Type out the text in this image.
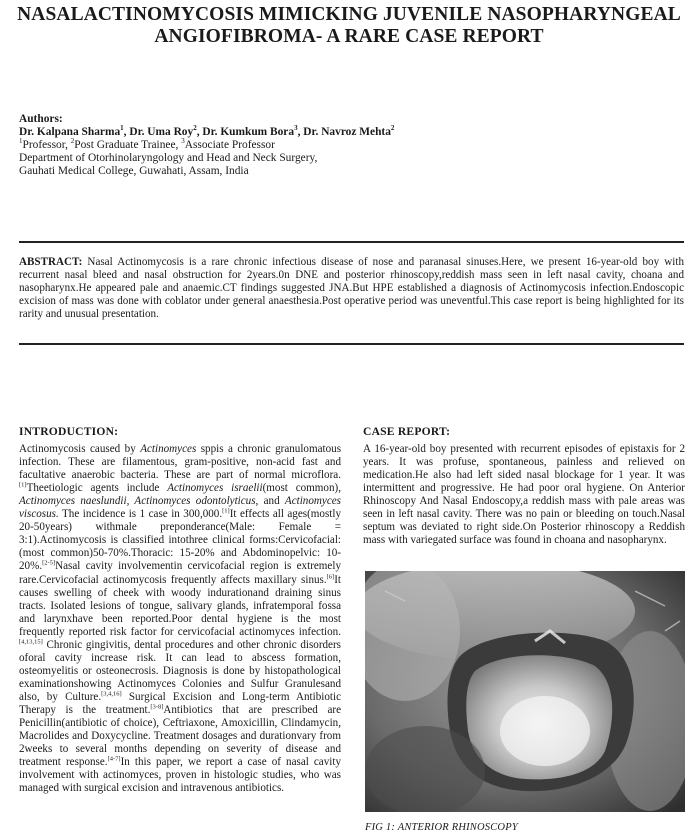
NASALACTINOMYCOSIS MIMICKING JUVENILE NASOPHARYNGEAL
ANGIOFIBROMA- A RARE CASE REPORT
Authors:
Dr. Kalpana Sharma$^1$, Dr. Uma Roy$^2$, Dr. Kumkum Bora$^3$, Dr. Navroz Mehta$^2$
$^1$Professor, $^2$Post Graduate Trainee, $^3$Associate Professor
Department of Otorhinolaryngology and Head and Neck Surgery,
Gauhati Medical College, Guwahati, Assam, India
ABSTRACT: Nasal Actinomycosis is a rare chronic infectious disease of nose and paranasal sinuses.Here, we present 16-year-old boy with recurrent nasal bleed and nasal obstruction for 2years.0n DNE and posterior rhinoscopy,reddish mass seen in left nasal cavity, choana and nasopharynx.He appeared pale and anaemic.CT findings suggested JNA.But HPE established a diagnosis of Actinomycosis infection.Endoscopic excision of mass was done with cobl​ator under general anaesthesia.Post operative period was uneventful.This case report is being highlighted for its rarity and unusual presentation.
INTRODUCTION:
Actinomycosis caused by Actinomyces sppis a chronic granulomatous infection. These are filamentous, gram-positive, non-acid fast and facultative anaerobic bacteria. These are part of normal microflora.[1]Theetiologic agents include Actinomyces israelii(most common), Actinomyces naeslundii, Actinomyces odontolyticus, and Actinomyces viscosus. The incidence is 1 case in 300,000.[1]It effects all ages(mostly 20-50years) withmale preponderance(Male: Female = 3:1).Actinomycosis is classified intothree clinical forms:Cervicofacial: (most common)50-70%.Thoracic: 15-20% and Abdominopelvic: 10-20%.[2-5]Nasal cavity involvementin cervicofacial region is extremely rare.Cervicofacial actinomycosis frequently affects maxillary sinus.[6]It causes swelling of cheek with woody indurationand draining sinus tracts. Isolated lesions of tongue, salivary glands, infratemporal fossa and larynxhave been reported.Poor dental hygiene is the most frequently reported risk factor for cervicofacial actinomyces infection.[4,13,15] Chronic gingivitis, dental procedures and other chronic disorders oforal cavity increase risk. It can lead to abscess formation, osteomyelitis or osteonecrosis. Diagnosis is done by histopathological examinationshowing Actinomyces Colonies and Sulfur Granulesand also, by Culture.[3,4,16] Surgical Excision and Long-term Antibiotic Therapy is the treatment.[3-8]Antibiotics that are prescribed are Penicillin(antibiotic of choice), Ceftriaxone, Amoxicillin, Clindamycin, Macrolides and Doxycycline. Treatment dosages and durationvary from 2weeks to several months depending on severity of disease and treatment response.[4-7]In this paper, we report a case of nasal cavity involvement with actinomyces, proven in histologic studies, who was managed with surgical excision and intravenous antibiotics.
CASE REPORT:
A 16-year-old boy presented with recurrent episodes of epistaxis for 2 years. It was profuse, spontaneous, painless and relieved on medication.He also had left sided nasal blockage for 1 year. It was intermittent and progressive. He had poor oral hygiene. On Anterior Rhinoscopy And Nasal Endoscopy,a reddish mass with pale areas was seen in left nasal cavity. There was no pain or bleeding on touch.Nasal septum was deviated to right side.On Posterior rhinoscopy a Reddish mass with variegated surface was found in choana and nasopharynx.
FIG 1: ANTERIOR RHINOSCOPY
